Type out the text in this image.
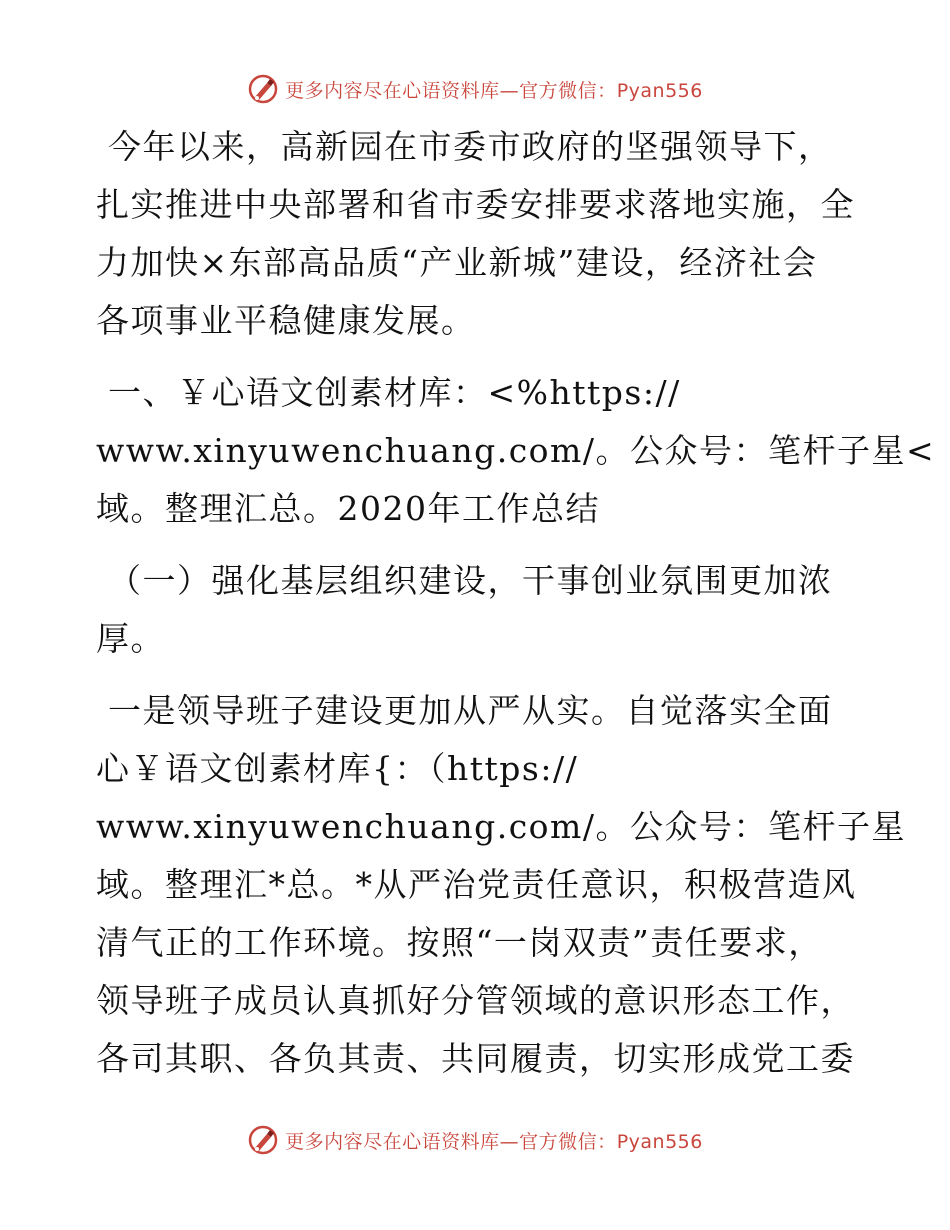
更多内容尽在心语资料库—官方微信：Pyan556
今年以来，高新园在市委市政府的坚强领导下，
扎实推进中央部署和省市委安排要求落地实施，全
力加快×东部高品质“产业新城”建设，经济社会
各项事业平稳健康发展。
一、￥心语文创素材库：<%https://
www.xinyuwenchuang.com/。公众号：笔杆子星<
域。整理汇总。2020年工作总结
（一）强化基层组织建设，干事创业氛围更加浓
厚。
一是领导班子建设更加从严从实。自觉落实全面
心￥语文创素材库{：（https://
www.xinyuwenchuang.com/。公众号：笔杆子星
域。整理汇*总。*从严治党责任意识，积极营造风
清气正的工作环境。按照“一岗双责”责任要求，
领导班子成员认真抓好分管领域的意识形态工作，
各司其职、各负其责、共同履责，切实形成党工委
更多内容尽在心语资料库—官方微信：Pyan556
